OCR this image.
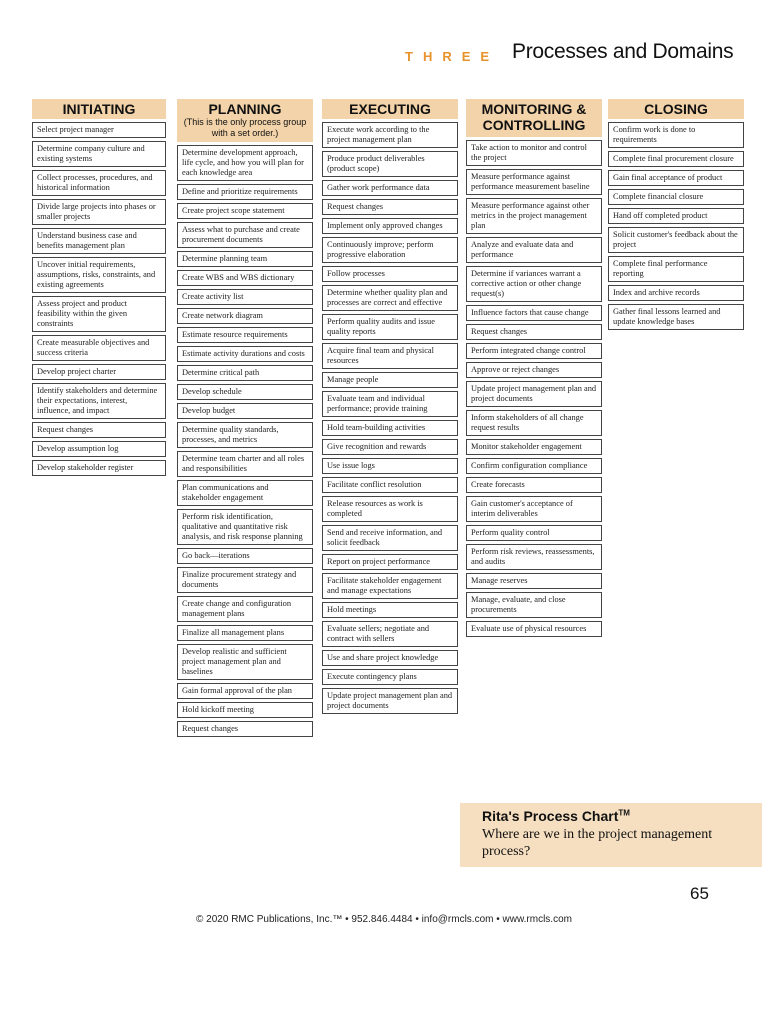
THREE Processes and Domains
INITIATING
Select project manager
Determine company culture and existing systems
Collect processes, procedures, and historical information
Divide large projects into phases or smaller projects
Understand business case and benefits management plan
Uncover initial requirements, assumptions, risks, constraints, and existing agreements
Assess project and product feasibility within the given constraints
Create measurable objectives and success criteria
Develop project charter
Identify stakeholders and determine their expectations, interest, influence, and impact
Request changes
Develop assumption log
Develop stakeholder register
PLANNING
(This is the only process group with a set order.)
Determine development approach, life cycle, and how you will plan for each knowledge area
Define and prioritize requirements
Create project scope statement
Assess what to purchase and create procurement documents
Determine planning team
Create WBS and WBS dictionary
Create activity list
Create network diagram
Estimate resource requirements
Estimate activity durations and costs
Determine critical path
Develop schedule
Develop budget
Determine quality standards, processes, and metrics
Determine team charter and all roles and responsibilities
Plan communications and stakeholder engagement
Perform risk identification, qualitative and quantitative risk analysis, and risk response planning
Go back—iterations
Finalize procurement strategy and documents
Create change and configuration management plans
Finalize all management plans
Develop realistic and sufficient project management plan and baselines
Gain formal approval of the plan
Hold kickoff meeting
Request changes
EXECUTING
Execute work according to the project management plan
Produce product deliverables (product scope)
Gather work performance data
Request changes
Implement only approved changes
Continuously improve; perform progressive elaboration
Follow processes
Determine whether quality plan and processes are correct and effective
Perform quality audits and issue quality reports
Acquire final team and physical resources
Manage people
Evaluate team and individual performance; provide training
Hold team-building activities
Give recognition and rewards
Use issue logs
Facilitate conflict resolution
Release resources as work is completed
Send and receive information, and solicit feedback
Report on project performance
Facilitate stakeholder engagement and manage expectations
Hold meetings
Evaluate sellers; negotiate and contract with sellers
Use and share project knowledge
Execute contingency plans
Update project management plan and project documents
MONITORING & CONTROLLING
Take action to monitor and control the project
Measure performance against performance measurement baseline
Measure performance against other metrics in the project management plan
Analyze and evaluate data and performance
Determine if variances warrant a corrective action or other change request(s)
Influence factors that cause change
Request changes
Perform integrated change control
Approve or reject changes
Update project management plan and project documents
Inform stakeholders of all change request results
Monitor stakeholder engagement
Confirm configuration compliance
Create forecasts
Gain customer's acceptance of interim deliverables
Perform quality control
Perform risk reviews, reassessments, and audits
Manage reserves
Manage, evaluate, and close procurements
Evaluate use of physical resources
CLOSING
Confirm work is done to requirements
Complete final procurement closure
Gain final acceptance of product
Complete financial closure
Hand off completed product
Solicit customer's feedback about the project
Complete final performance reporting
Index and archive records
Gather final lessons learned and update knowledge bases
Rita's Process Chart™
Where are we in the project management process?
65
© 2020 RMC Publications, Inc.™ • 952.846.4484 • info@rmcls.com • www.rmcls.com
